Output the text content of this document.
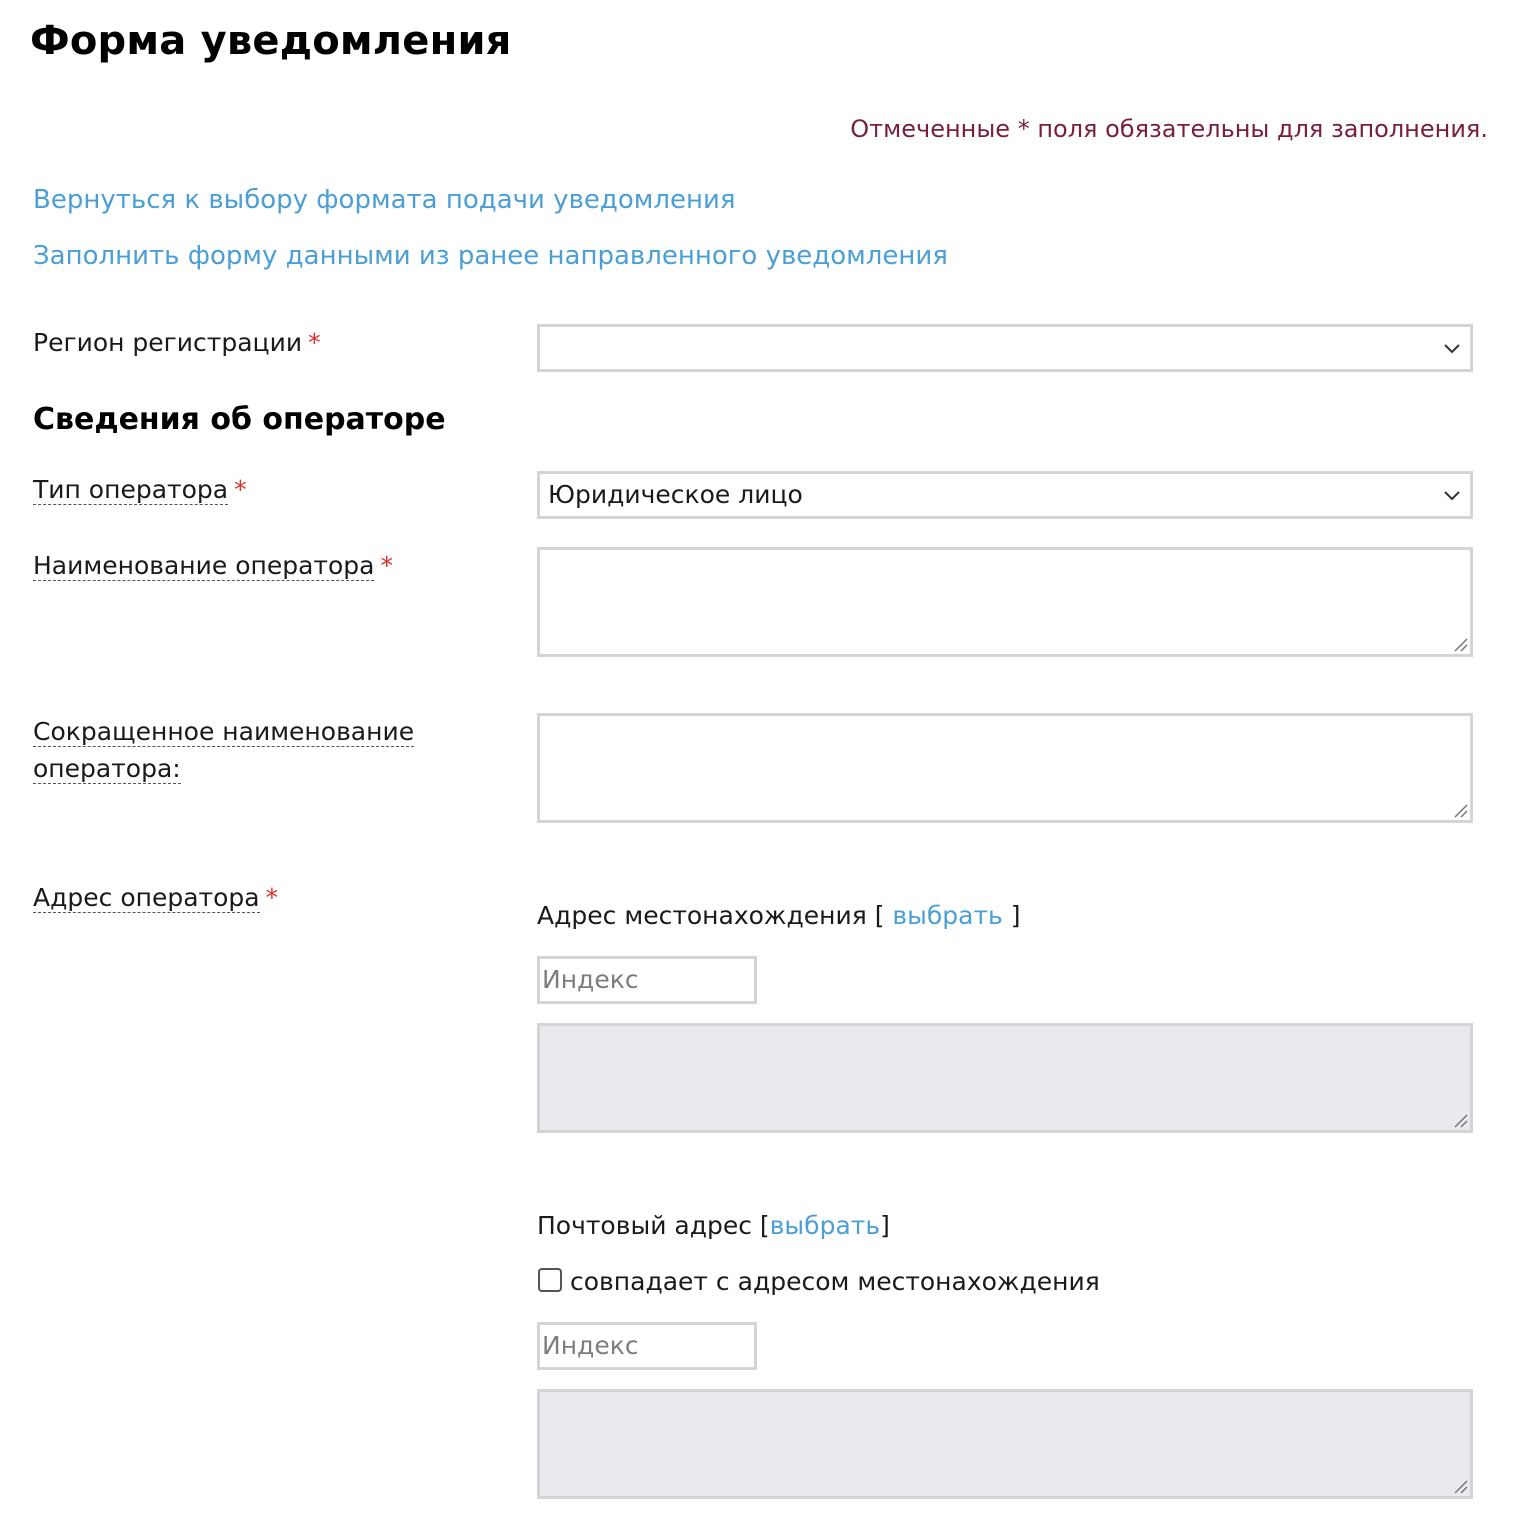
Форма уведомления
Отмеченные * поля обязательны для заполнения.
Вернуться к выбору формата подачи уведомления
Заполнить форму данными из ранее направленного уведомления
Регион регистрации *
Сведения об операторе
Тип оператора *	Юридическое лицо
Наименование оператора *
Сокращенное наименование
оператора:
Адрес оператора *
Адрес местонахождения [ выбрать ]
Индекс
Почтовый адрес [выбрать]
совпадает с адресом местонахождения
Индекс
